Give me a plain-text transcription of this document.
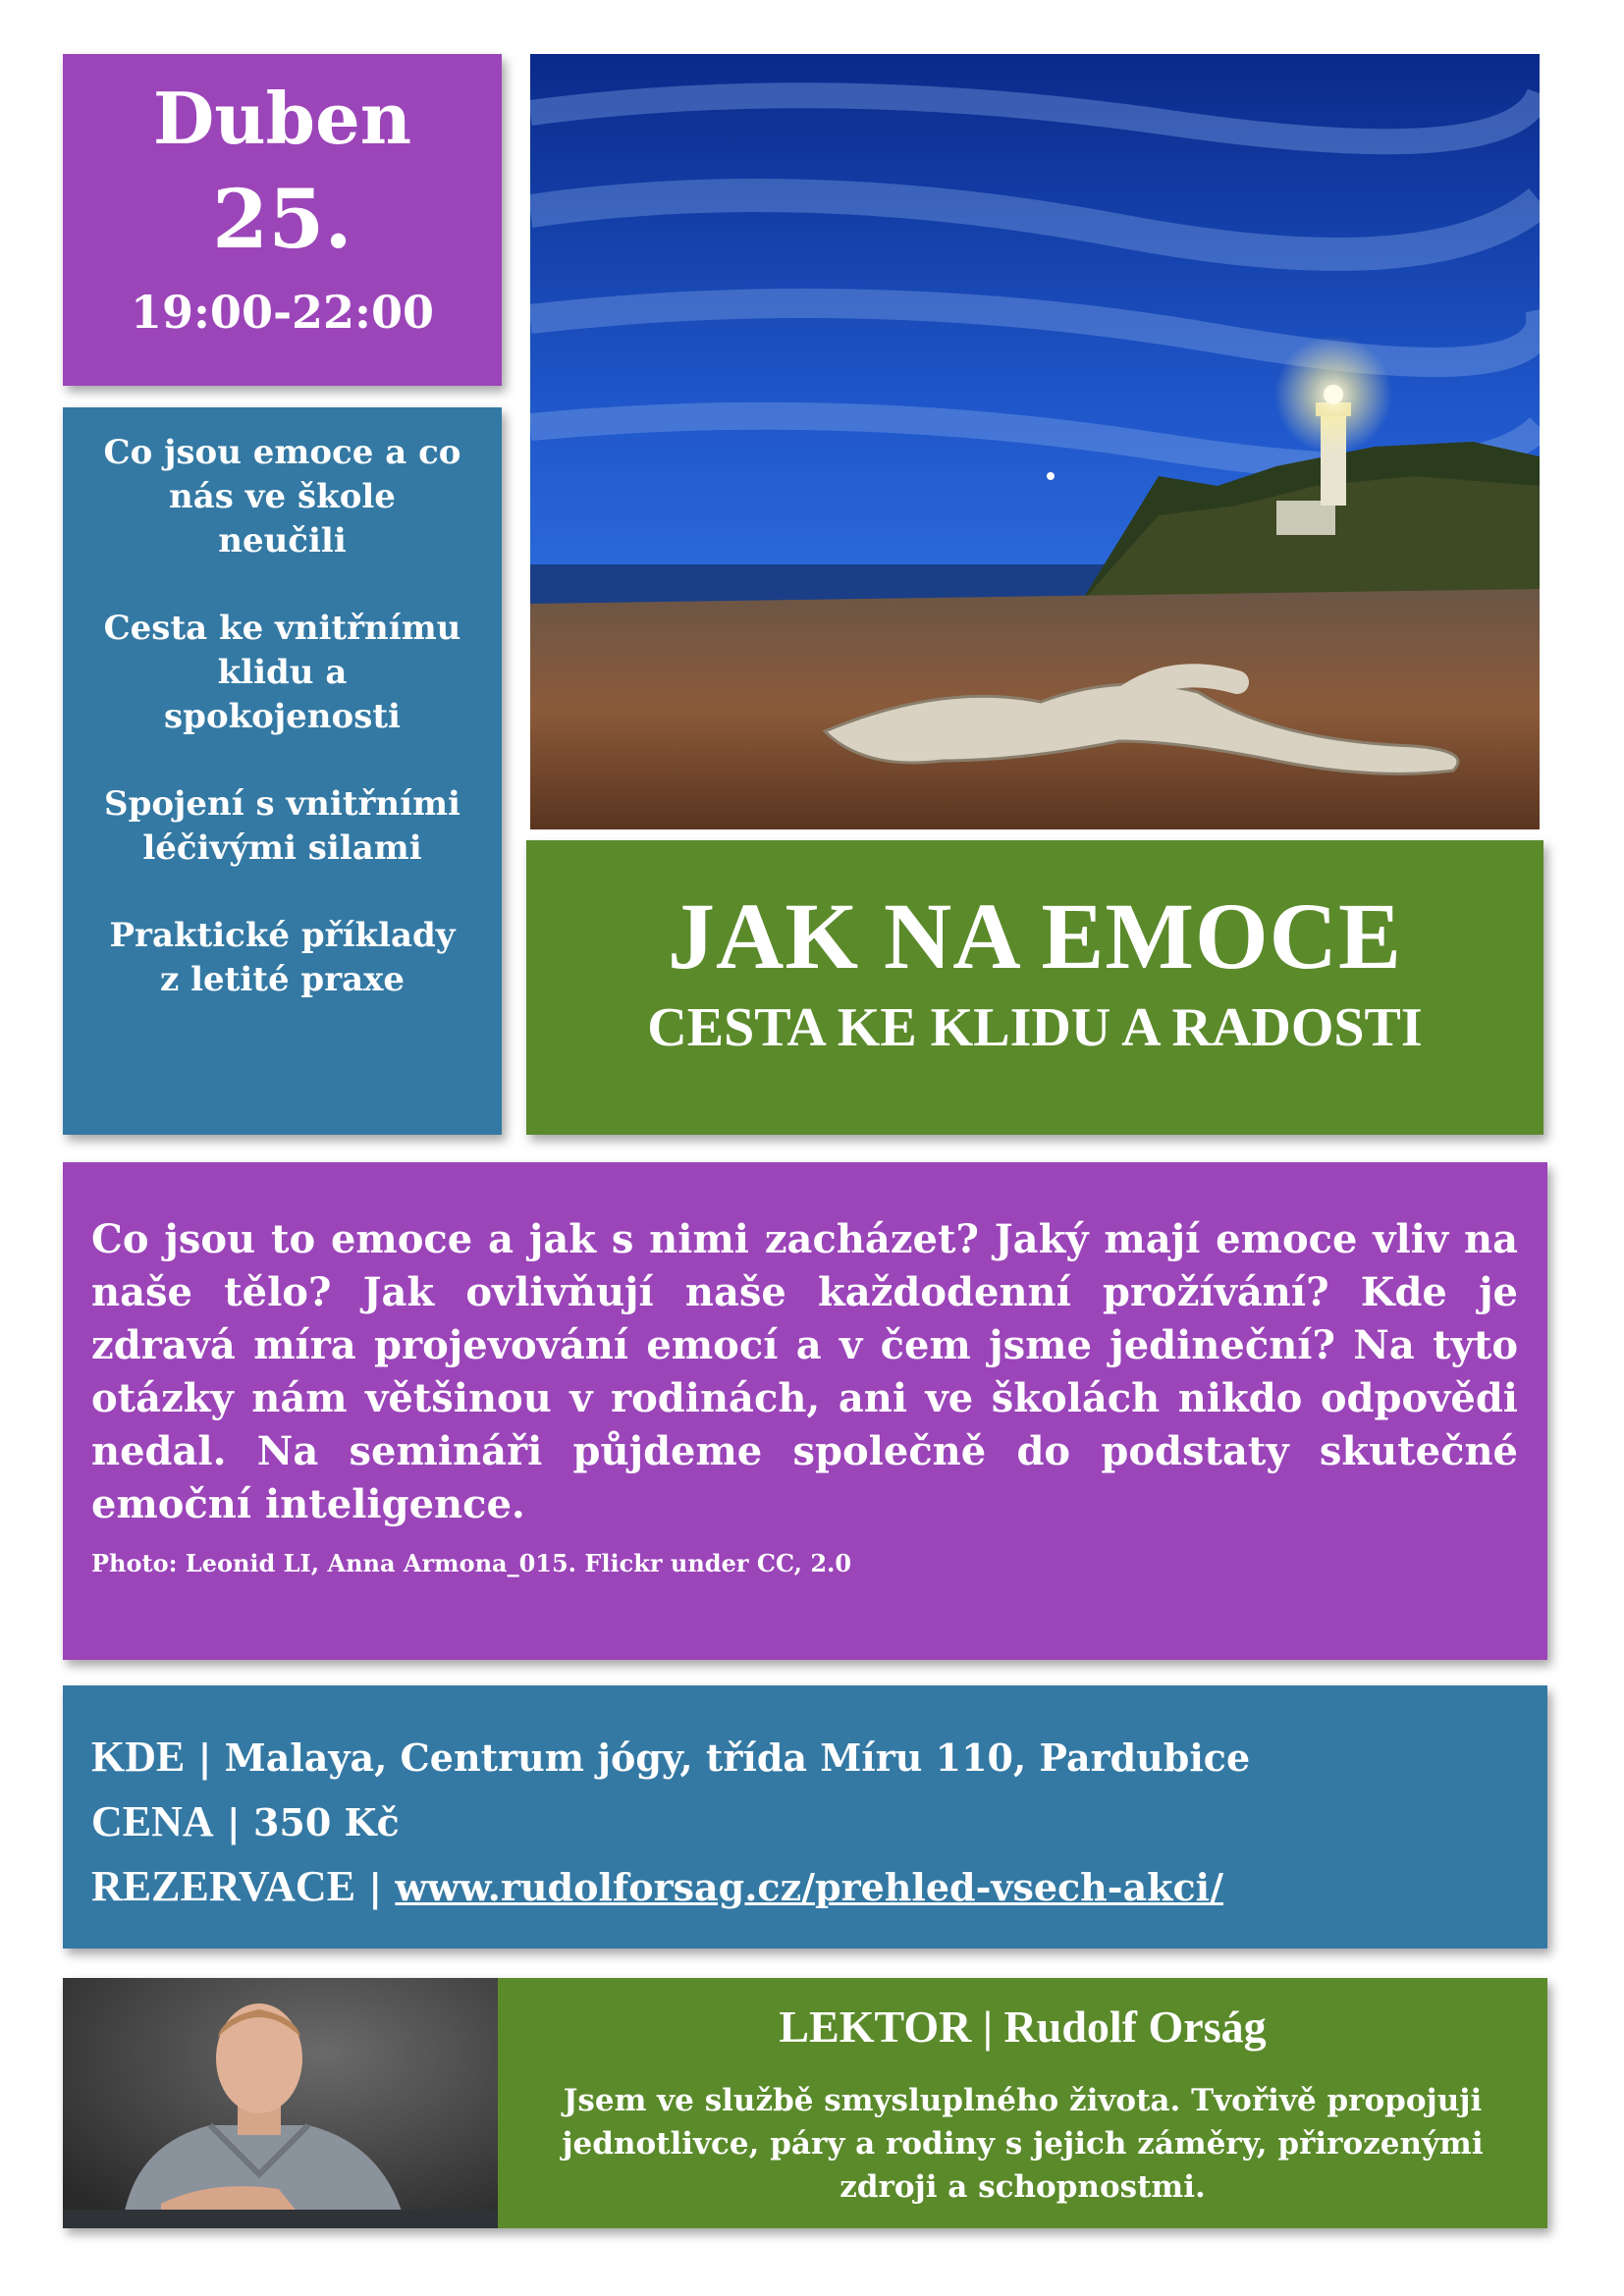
Duben
25.
19:00-22:00
Co jsou emoce a co nás ve škole neučili
Cesta ke vnitřnímu klidu a spokojenosti
Spojení s vnitřními léčivými silami
Praktické příklady z letité praxe	JAK NA EMOCE
CESTA KE KLIDU A RADOSTI
Co jsou to emoce a jak s nimi zacházet? Jaký mají emoce vliv na naše tělo? Jak ovlivňují naše každodenní prožívání? Kde je zdravá míra projevování emocí a v čem jsme jedineční? Na tyto otázky nám většinou v rodinách, ani ve školách nikdo odpovědi nedal. Na semináři půjdeme společně do podstaty skutečné emoční inteligence.
Photo: Leonid LI, Anna Armona_015. Flickr under CC, 2.0
KDE | Malaya, Centrum jógy, třída Míru 110, Pardubice
CENA | 350 Kč
REZERVACE | www.rudolforsag.cz/prehled-vsech-akci/
LEKTOR | Rudolf Orság
Jsem ve službě smysluplného života. Tvořivě propojuji jednotlivce, páry a rodiny s jejich záměry, přirozenými zdroji a schopnostmi.
